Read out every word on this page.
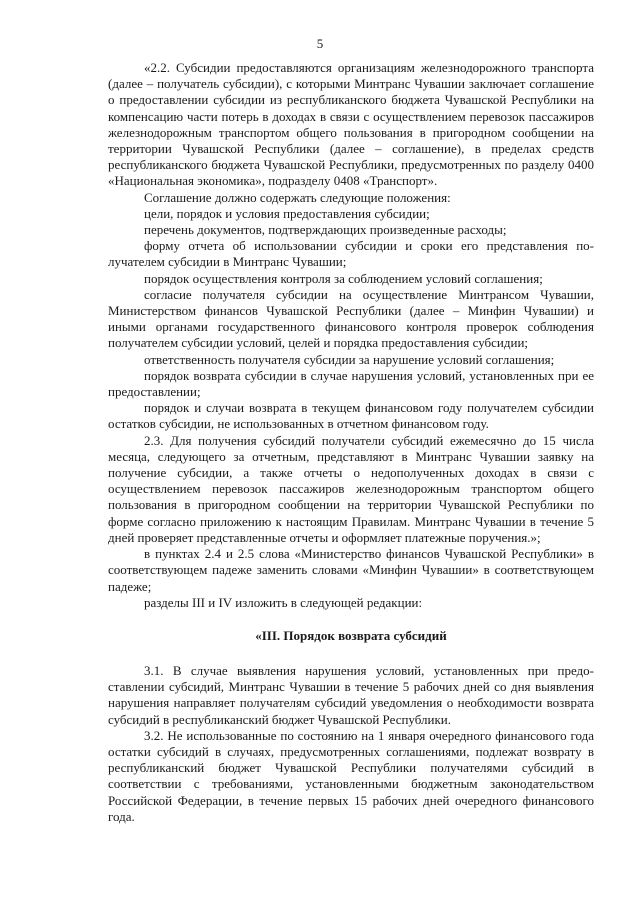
5

«2.2. Субсидии предоставляются организациям железнодорожного транспорта (далее – получатель субсидии), с которыми Минтранс Чувашии заключает соглашение о предоставлении субсидии из республиканского бюджета Чувашской Республики на компенсацию части потерь в доходах в связи с осуществлением перевозок пассажиров железнодорожным транспортом общего пользования в пригородном сообщении на территории Чувашской Республики (далее – соглашение), в пределах средств республиканского бюджета Чувашской Республики, предусмотренных по разделу 0400 «Национальная экономика», подразделу 0408 «Транспорт».

Соглашение должно содержать следующие положения:

цели, порядок и условия предоставления субсидии;

перечень документов, подтверждающих произведенные расходы;

форму отчета об использовании субсидии и сроки его представления получателем субсидии в Минтранс Чувашии;

порядок осуществления контроля за соблюдением условий соглашения;

согласие получателя субсидии на осуществление Минтрансом Чувашии, Министерством финансов Чувашской Республики (далее – Минфин Чувашии) и иными органами государственного финансового контроля проверок соблюдения получателем субсидии условий, целей и порядка предоставления субсидии;

ответственность получателя субсидии за нарушение условий соглашения;

порядок возврата субсидии в случае нарушения условий, установленных при ее предоставлении;

порядок и случаи возврата в текущем финансовом году получателем субсидии остатков субсидии, не использованных в отчетном финансовом году.

2.3. Для получения субсидий получатели субсидий ежемесячно до 15 числа месяца, следующего за отчетным, представляют в Минтранс Чувашии заявку на получение субсидии, а также отчеты о недополученных доходах в связи с осуществлением перевозок пассажиров железнодорожным транспортом общего пользования в пригородном сообщении на территории Чувашской Республики по форме согласно приложению к настоящим Правилам. Минтранс Чувашии в течение 5 дней проверяет представленные отчеты и оформляет платежные поручения.»;

в пунктах 2.4 и 2.5 слова «Министерство финансов Чувашской Республики» в соответствующем падеже заменить словами «Минфин Чувашии» в соответствующем падеже;

разделы III и IV изложить в следующей редакции:

«III. Порядок возврата субсидий

3.1. В случае выявления нарушения условий, установленных при предоставлении субсидий, Минтранс Чувашии в течение 5 рабочих дней со дня выявления нарушения направляет получателям субсидий уведомления о необходимости возврата субсидий в республиканский бюджет Чувашской Республики.

3.2. Не использованные по состоянию на 1 января очередного финансового года остатки субсидий в случаях, предусмотренных соглашениями, подлежат возврату в республиканский бюджет Чувашской Республики получателями субсидий в соответствии с требованиями, установленными бюджетным законодательством Российской Федерации, в течение первых 15 рабочих дней очередного финансового года.
